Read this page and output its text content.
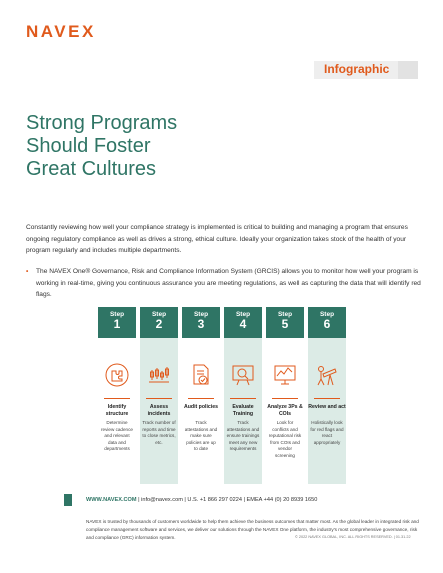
NAVEX
Infographic
Strong Programs
Should Foster
Great Cultures
Constantly reviewing how well your compliance strategy is implemented is critical to building and managing a program that ensures ongoing regulatory compliance as well as drives a strong, ethical culture. Ideally your organization takes stock of the health of your program regularly and includes multiple departments.
•	The NAVEX One® Governance, Risk and Compliance Information System (GRCIS) allows you to monitor how well your program is working in real-time, giving you continuous assurance you are meeting regulations, as well as capturing the data that will identify red flags.
Step
1
Identify structure
Determine review cadence and relevant data and departments
Step
2
Assess incidents
Track number of reports and time to close metrics, etc.
Step
3
Audit policies
Track attestations and make sure policies are up to date
Step
4
Evaluate Training
Track attestations and ensure trainings meet any new requirements
Step
5
Analyze 3Ps & COIs
Look for conflicts and reputational risk from COIs and vendor screening
Step
6
Review and act
Holistically look for red flags and react appropriately
WWW.NAVEX.COM | info@navex.com | U.S. +1 866 297 0224 | EMEA +44 (0) 20 8939 1650
NAVEX is trusted by thousands of customers worldwide to help them achieve the business outcomes that matter most. As the global leader in integrated risk and compliance management software and services, we deliver our solutions through the NAVEX One platform, the industry's most comprehensive governance, risk and compliance (GRC) information system.	© 2022 NAVEX GLOBAL, INC. ALL RIGHTS RESERVED. | 01.31.22
